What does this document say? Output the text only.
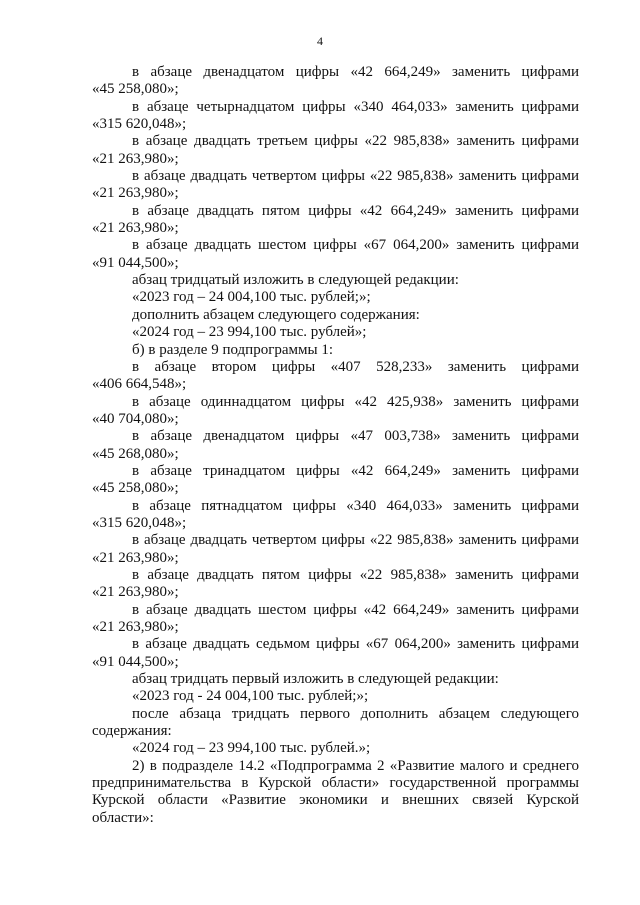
4
в абзаце двенадцатом цифры «42 664,249» заменить цифрами
«45 258,080»;
в абзаце четырнадцатом цифры «340 464,033» заменить цифрами
«315 620,048»;
в абзаце двадцать третьем цифры «22 985,838» заменить цифрами
«21 263,980»;
в абзаце двадцать четвертом цифры «22 985,838» заменить цифрами
«21 263,980»;
в абзаце двадцать пятом цифры «42 664,249» заменить цифрами
«21 263,980»;
в абзаце двадцать шестом цифры «67 064,200» заменить цифрами
«91 044,500»;
абзац тридцатый изложить в следующей редакции:
«2023 год – 24 004,100 тыс. рублей;»;
дополнить абзацем следующего содержания:
«2024 год – 23 994,100 тыс. рублей»;
б) в разделе 9 подпрограммы 1:
в абзаце втором цифры «407 528,233» заменить цифрами
«406 664,548»;
в абзаце одиннадцатом цифры «42 425,938» заменить цифрами
«40 704,080»;
в абзаце двенадцатом цифры «47 003,738» заменить цифрами
«45 268,080»;
в абзаце тринадцатом цифры «42 664,249» заменить цифрами
«45 258,080»;
в абзаце пятнадцатом цифры «340 464,033» заменить цифрами
«315 620,048»;
в абзаце двадцать четвертом цифры «22 985,838» заменить цифрами
«21 263,980»;
в абзаце двадцать пятом цифры «22 985,838» заменить цифрами
«21 263,980»;
в абзаце двадцать шестом цифры «42 664,249» заменить цифрами
«21 263,980»;
в абзаце двадцать седьмом цифры «67 064,200» заменить цифрами
«91 044,500»;
абзац тридцать первый изложить в следующей редакции:
«2023 год - 24 004,100 тыс. рублей;»;
после абзаца тридцать первого дополнить абзацем следующего
содержания:
«2024 год – 23 994,100 тыс. рублей.»;
2) в подразделе 14.2 «Подпрограмма 2 «Развитие малого и среднего
предпринимательства в Курской области» государственной программы
Курской области «Развитие экономики и внешних связей Курской
области»:
